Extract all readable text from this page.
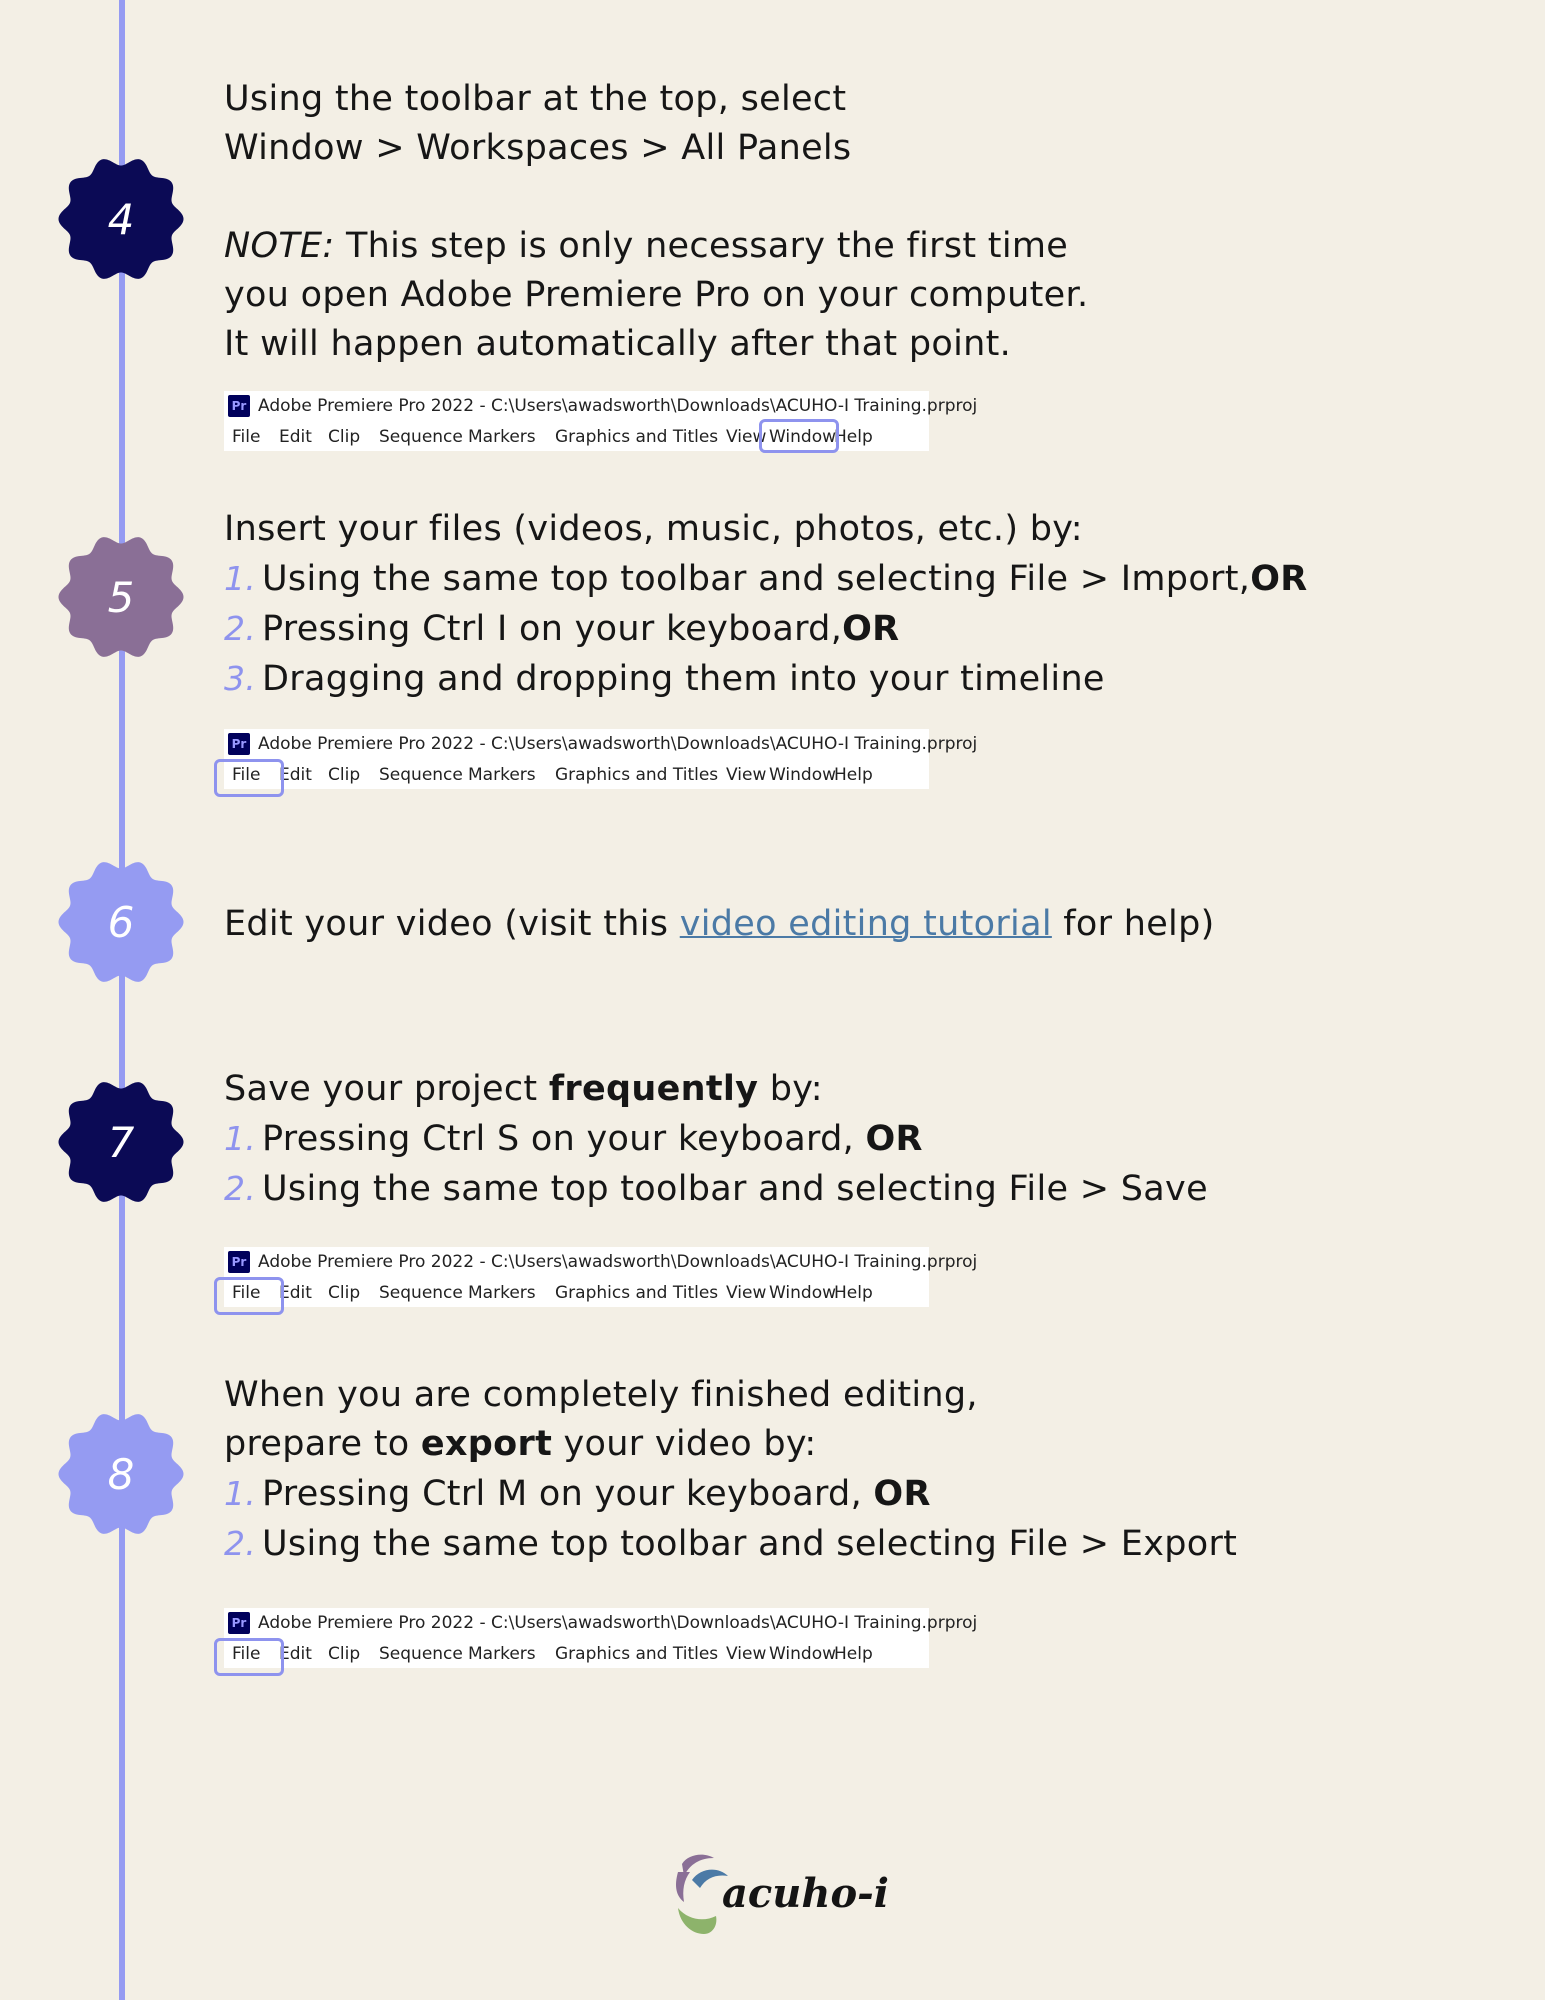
4

Using the toolbar at the top, select

Window > Workspaces > All Panels

NOTE: This step is only necessary the first time

you open Adobe Premiere Pro on your computer.

It will happen automatically after that point.

Pr Adobe Premiere Pro 2022 - C:\Users\awadsworth\Downloads\ACUHO-I Training.prproj
File Edit Clip Sequence Markers Graphics and Titles View Window
Help
5

Insert your files (videos, music, photos, etc.) by:

1. Using the same top toolbar and selecting File > Import, OR
2. Pressing Ctrl I on your keyboard, OR
3. Dragging and dropping them into your timeline
Pr Adobe Premiere Pro 2022 - C:\Users\awadsworth\Downloads\ACUHO-I Training.prproj
File Edit Clip Sequence Markers Graphics and Titles View Window
Help
6	Edit your video (visit this video editing tutorial for help)

7

Save your project frequently by:

1. Pressing Ctrl S on your keyboard, OR
2. Using the same top toolbar and selecting File > Save
Pr Adobe Premiere Pro 2022 - C:\Users\awadsworth\Downloads\ACUHO-I Training.prproj
File Edit Clip Sequence Markers Graphics and Titles View Window
Help
8

When you are completely finished editing,

prepare to export your video by:

1. Pressing Ctrl M on your keyboard, OR
2. Using the same top toolbar and selecting File > Export
Pr Adobe Premiere Pro 2022 - C:\Users\awadsworth\Downloads\ACUHO-I Training.prproj
File Edit Clip Sequence Markers Graphics and Titles View Window
Help
acuho-i
